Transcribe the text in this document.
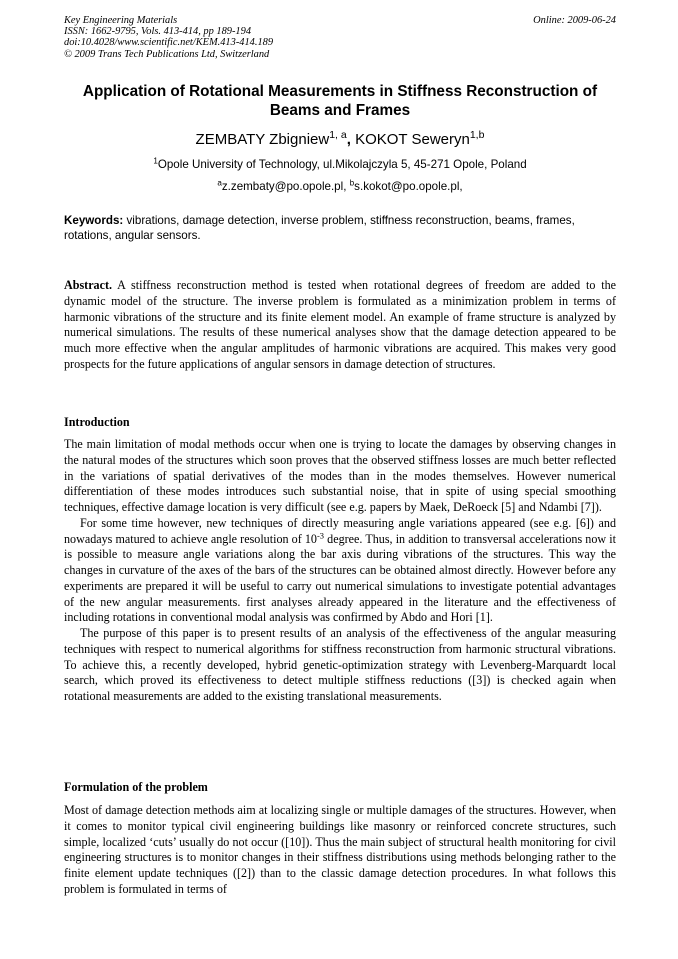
Key Engineering Materials
ISSN: 1662-9795, Vols. 413-414, pp 189-194
doi:10.4028/www.scientific.net/KEM.413-414.189
© 2009 Trans Tech Publications Ltd, Switzerland
Online: 2009-06-24
Application of Rotational Measurements in Stiffness Reconstruction of Beams and Frames
ZEMBATY Zbigniew$^{1, a}$, KOKOT Seweryn$^{1,b}$
$^1$Opole University of Technology, ul.Mikolajczyla 5, 45-271 Opole, Poland
$^a$z.zembaty@po.opole.pl, $^b$s.kokot@po.opole.pl,
Keywords: vibrations, damage detection, inverse problem, stiffness reconstruction, beams, frames, rotations, angular sensors.
Abstract. A stiffness reconstruction method is tested when rotational degrees of freedom are added to the dynamic model of the structure. The inverse problem is formulated as a minimization problem in terms of harmonic vibrations of the structure and its finite element model. An example of frame structure is analyzed by numerical simulations. The results of these numerical analyses show that the damage detection appeared to be much more effective when the angular amplitudes of harmonic vibrations are acquired. This makes very good prospects for the future applications of angular sensors in damage detection of structures.
Introduction

The main limitation of modal methods occur when one is trying to locate the damages by observing changes in the natural modes of the structures which soon proves that the observed stiffness losses are much better reflected in the variations of spatial derivatives of the modes than in the modes themselves. However numerical differentiation of these modes introduces such substantial noise, that in spite of using special smoothing techniques, effective damage location is very difficult (see e.g. papers by Maek, DeRoeck [5] and Ndambi [7]).

For some time however, new techniques of directly measuring angle variations appeared (see e.g. [6]) and nowadays matured to achieve angle resolution of $10^{-3}$ degree. Thus, in addition to transversal accelerations now it is possible to measure angle variations along the bar axis during vibrations of the structures. This way the changes in curvature of the axes of the bars of the structures can be obtained almost directly. However before any experiments are prepared it will be useful to carry out numerical simulations to investigate potential advantages of the new angular measurements. first analyses already appeared in the literature and the effectiveness of including rotations in conventional modal analysis was confirmed by Abdo and Hori [1].

The purpose of this paper is to present results of an analysis of the effectiveness of the angular measuring techniques with respect to numerical algorithms for stiffness reconstruction from harmonic structural vibrations. To achieve this, a recently developed, hybrid genetic-optimization strategy with Levenberg-Marquardt local search, which proved its effectiveness to detect multiple stiffness reductions ([3]) is checked again when rotational measurements are added to the existing translational measurements.

Formulation of the problem

Most of damage detection methods aim at localizing single or multiple damages of the structures. However, when it comes to monitor typical civil engineering buildings like masonry or reinforced concrete structures, such simple, localized ‘cuts’ usually do not occur ([10]). Thus the main subject of structural health monitoring for civil engineering structures is to monitor changes in their stiffness distributions using methods belonging rather to the finite element update techniques ([2]) than to the classic damage detection procedures. In what follows this problem is formulated in terms of
